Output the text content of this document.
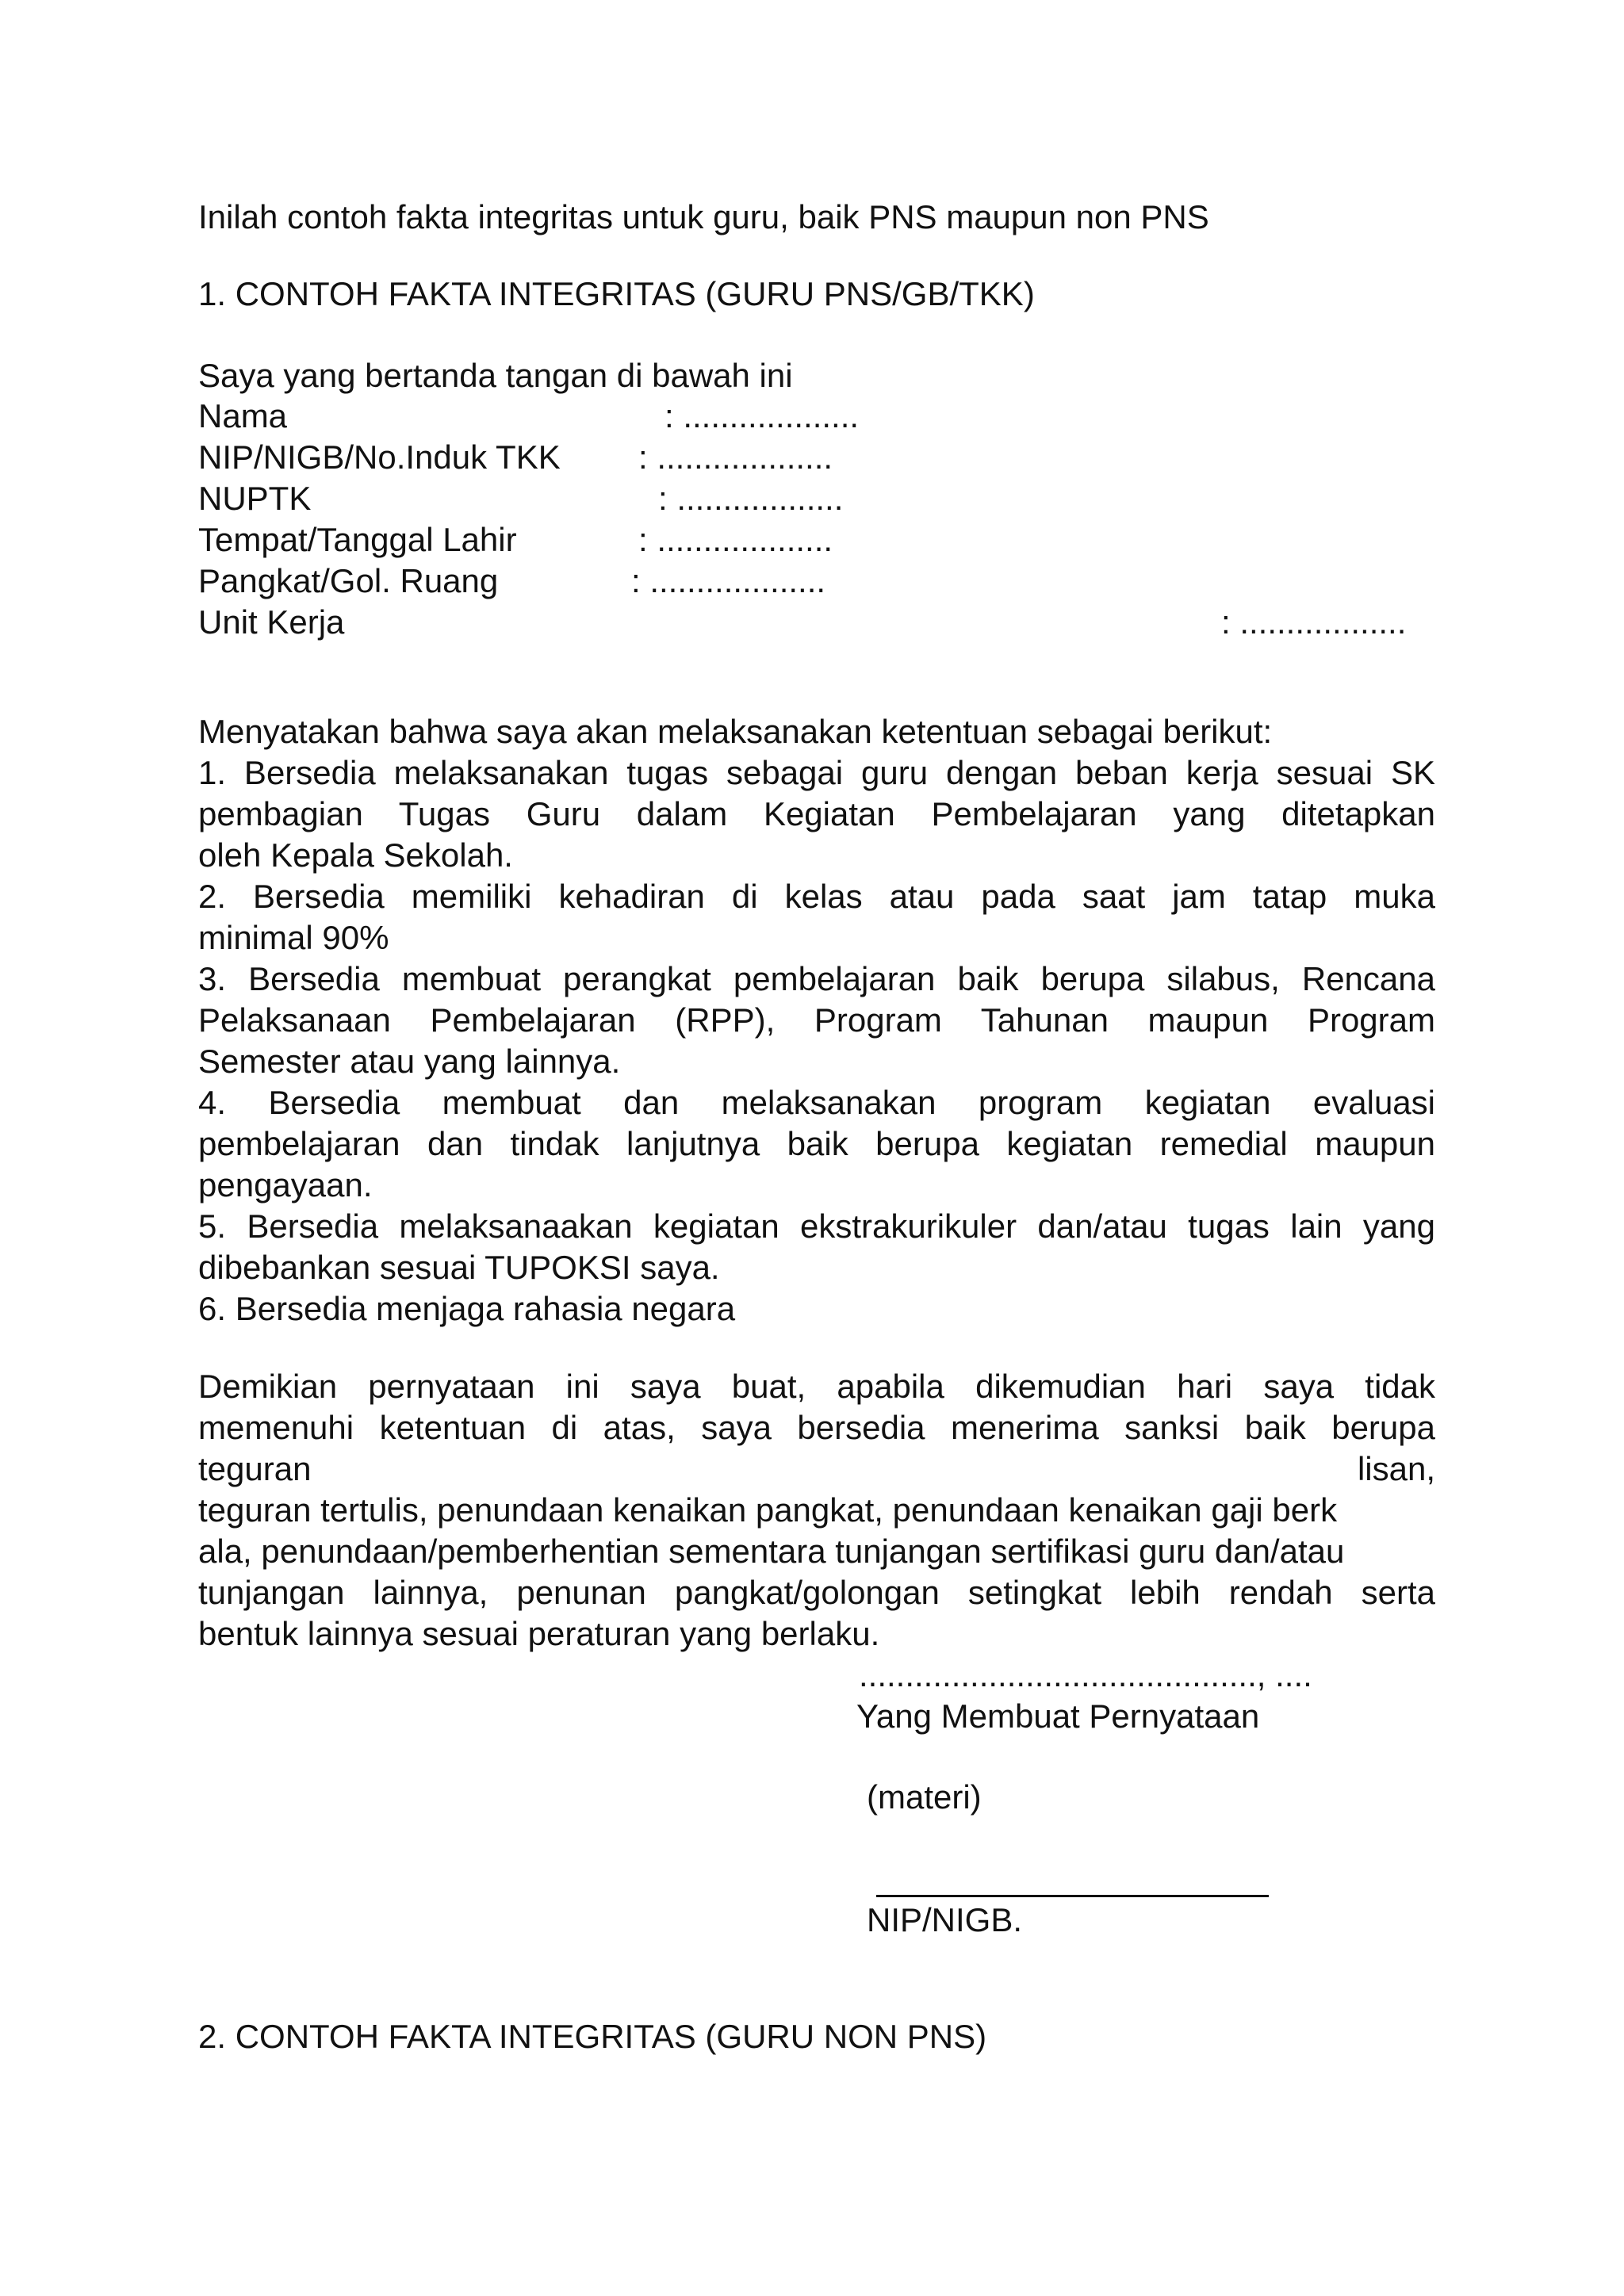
Inilah contoh fakta integritas untuk guru, baik PNS maupun non PNS
1. CONTOH FAKTA INTEGRITAS (GURU PNS/GB/TKK)
Saya yang bertanda tangan di bawah ini
Nama	: ...................
NIP/NIGB/No.Induk TKK : ...................
NUPTK	: ..................
Tempat/Tanggal Lahir	: ...................
Pangkat/Gol. Ruang	: ...................
Unit Kerja	: ..................
Menyatakan bahwa saya akan melaksanakan ketentuan sebagai berikut:
1. Bersedia melaksanakan tugas sebagai guru dengan beban kerja sesuai SK
pembagian Tugas Guru dalam Kegiatan Pembelajaran yang ditetapkan
oleh Kepala Sekolah.
2. Bersedia memiliki kehadiran di kelas atau pada saat jam tatap muka
minimal 90%
3. Bersedia membuat perangkat pembelajaran baik berupa silabus, Rencana
Pelaksanaan Pembelajaran (RPP), Program Tahunan maupun Program
Semester atau yang lainnya.
4. Bersedia membuat dan melaksanakan program kegiatan evaluasi
pembelajaran dan tindak lanjutnya baik berupa kegiatan remedial maupun
pengayaan.
5. Bersedia melaksanaakan kegiatan ekstrakurikuler dan/atau tugas lain yang
dibebankan sesuai TUPOKSI saya.
6. Bersedia menjaga rahasia negara
Demikian pernyataan ini saya buat, apabila dikemudian hari saya tidak
memenuhi ketentuan di atas, saya bersedia menerima sanksi baik berupa
teguran	lisan,
teguran tertulis, penundaan kenaikan pangkat, penundaan kenaikan gaji berk
ala, penundaan/pemberhentian sementara tunjangan sertifikasi guru dan/atau
tunjangan lainnya, penunan pangkat/golongan setingkat lebih rendah serta
bentuk lainnya sesuai peraturan yang berlaku.
..........................................., ....
Yang Membuat Pernyataan
(materi)
NIP/NIGB.
2. CONTOH FAKTA INTEGRITAS (GURU NON PNS)
